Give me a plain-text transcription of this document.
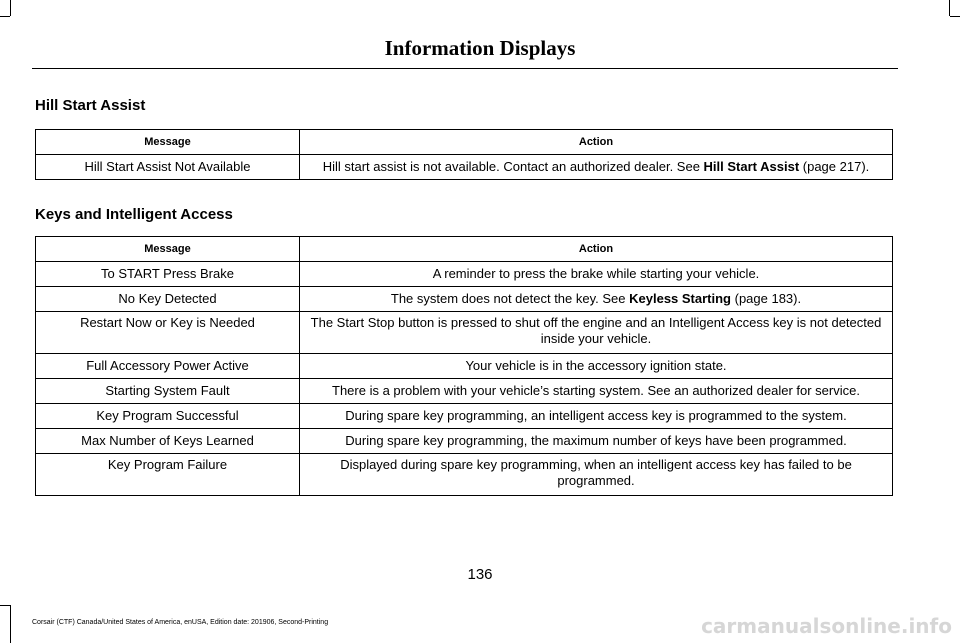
Information Displays
Hill Start Assist
Message	Action
Hill Start Assist Not Available	Hill start assist is not available. Contact an authorized dealer. See Hill Start Assist (page 217).
Keys and Intelligent Access
Message	Action
To START Press Brake	A reminder to press the brake while starting your vehicle.
No Key Detected	The system does not detect the key. See Keyless Starting (page 183).
Restart Now or Key is Needed	The Start Stop button is pressed to shut off the engine and an Intelligent Access key is not detected inside your vehicle.
Full Accessory Power Active	Your vehicle is in the accessory ignition state.
Starting System Fault	There is a problem with your vehicle’s starting system. See an authorized dealer for service.
Key Program Successful	During spare key programming, an intelligent access key is programmed to the system.
Max Number of Keys Learned	During spare key programming, the maximum number of keys have been programmed.
Key Program Failure	Displayed during spare key programming, when an intelligent access key has failed to be programmed.
136
Corsair (CTF) Canada/United States of America, enUSA, Edition date: 201906, Second-Printing	carmanualsonline.info
